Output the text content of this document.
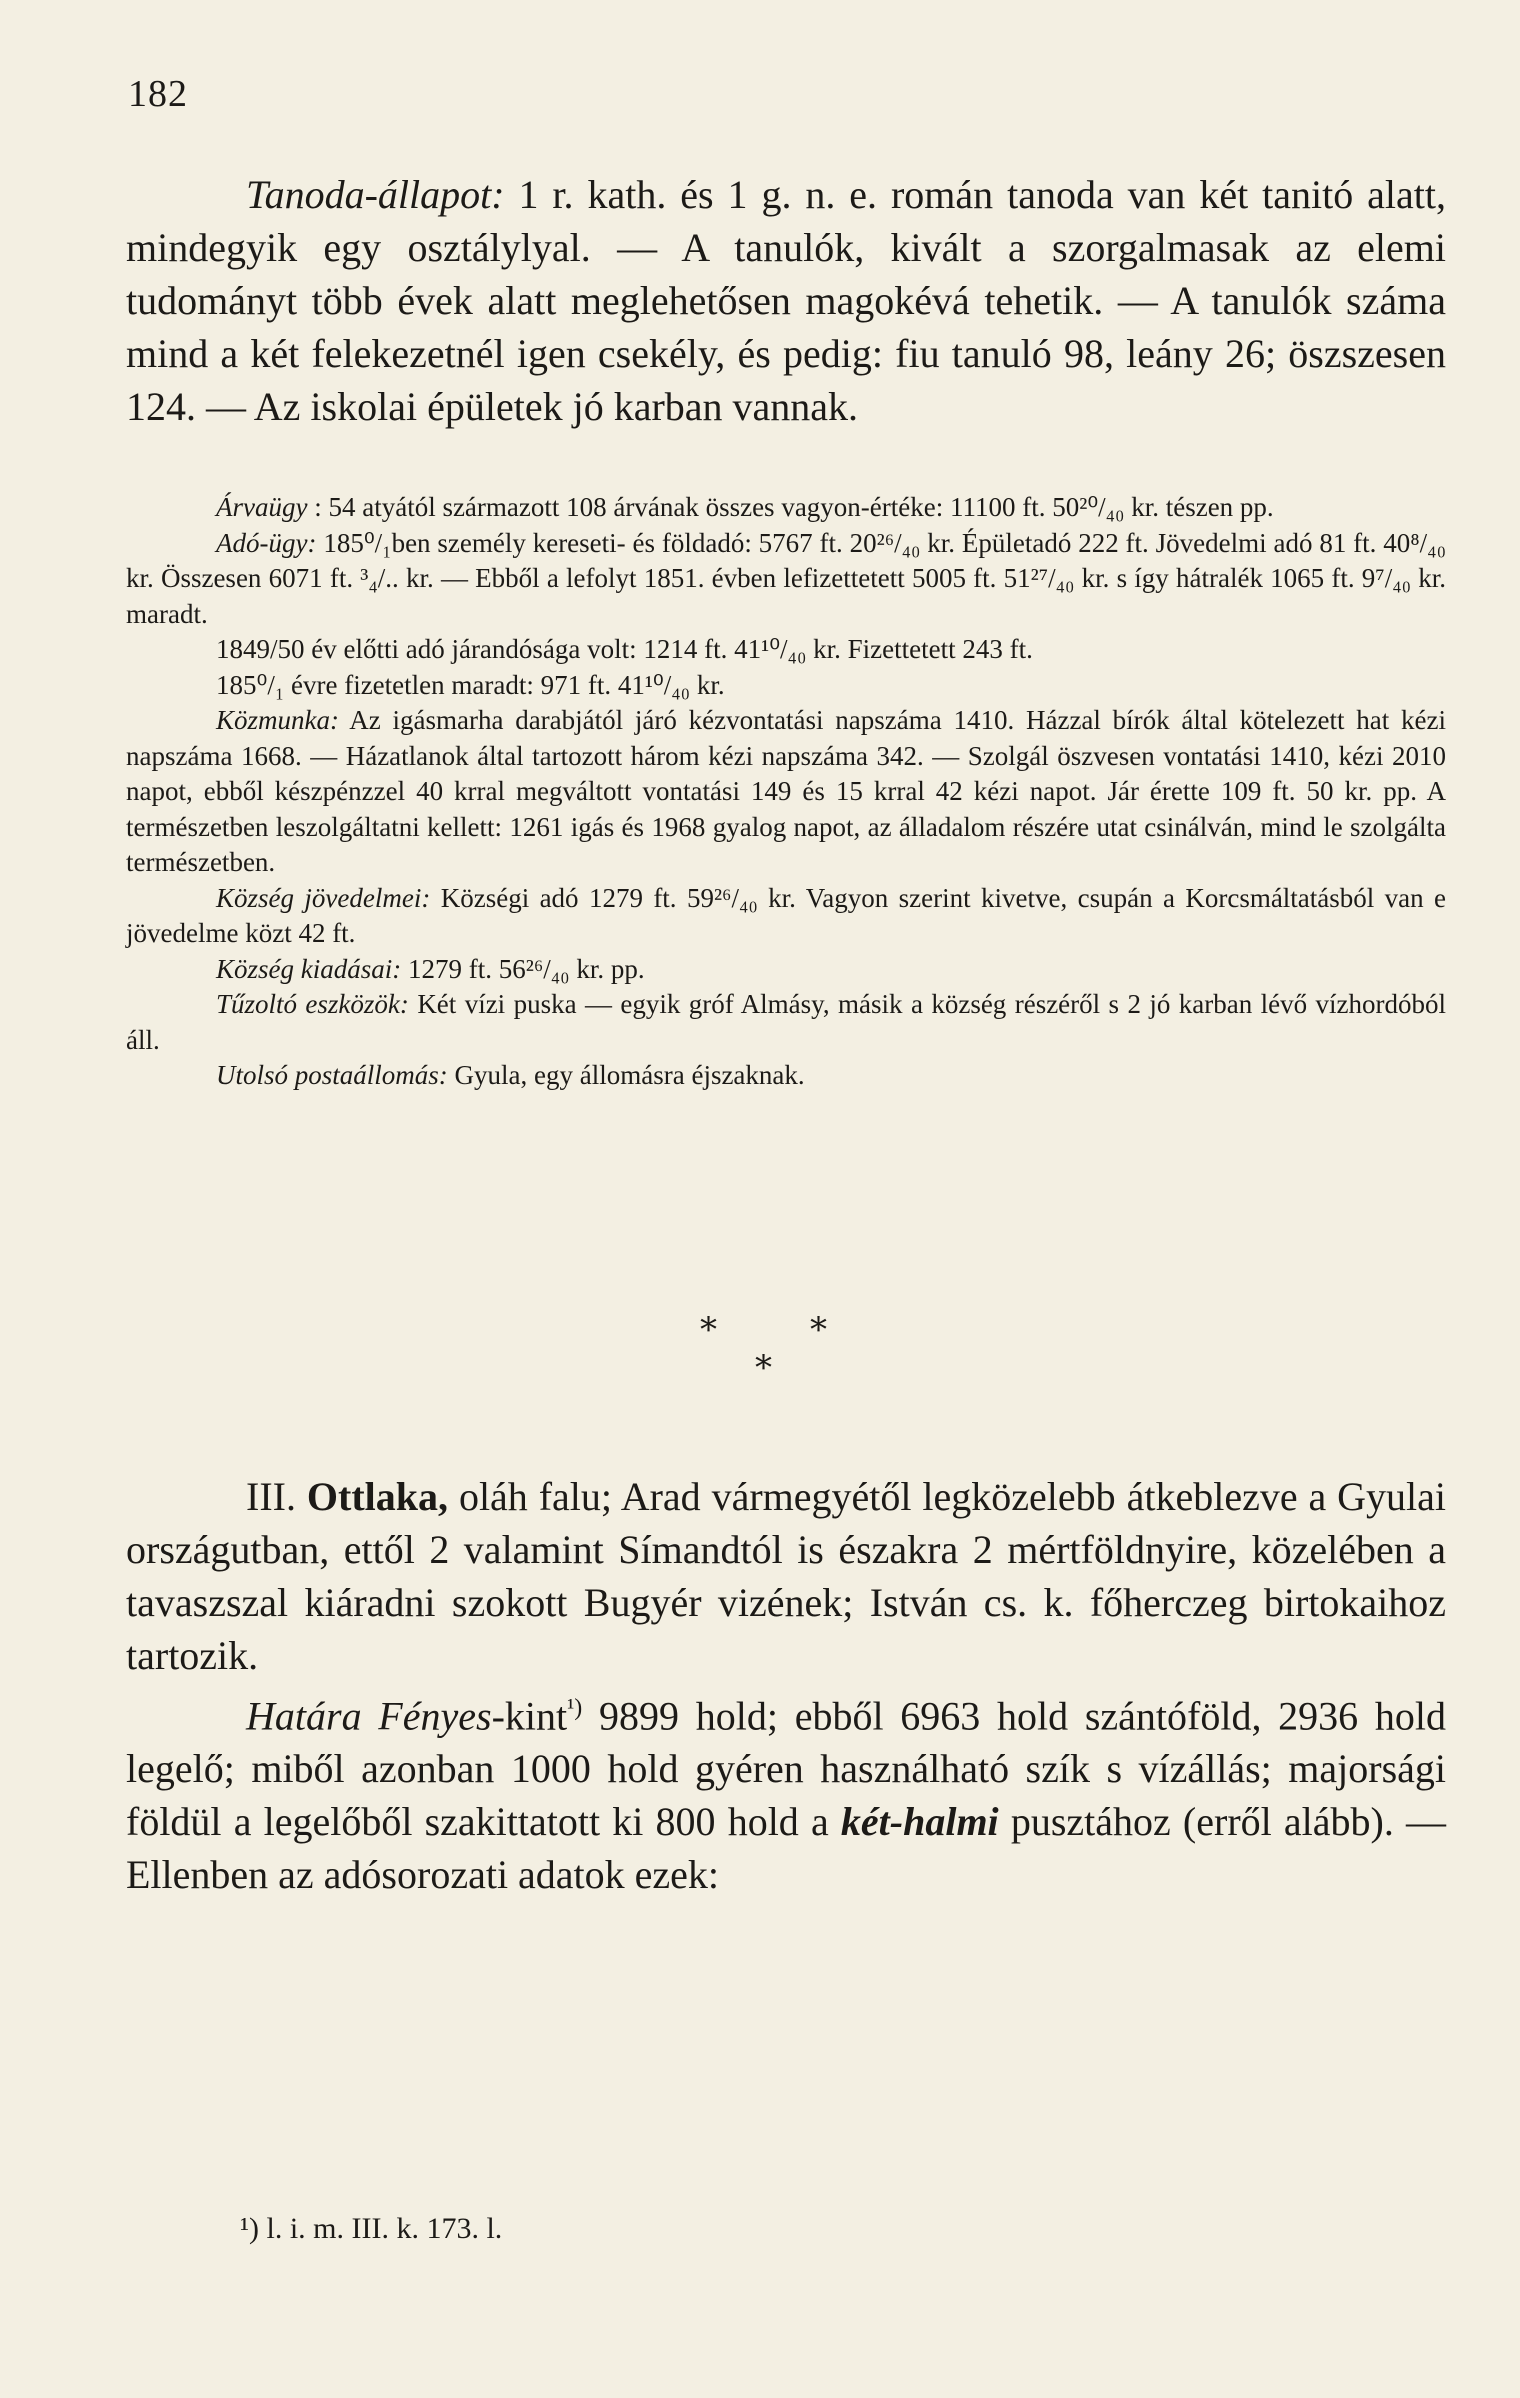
182

Tanoda-állapot: 1 r. kath. és 1 g. n. e. román tanoda van két tanitó alatt, mindegyik egy osztálylyal. — A tanulók, kivált a szorgalmasak az elemi tudományt több évek alatt meglehetősen magokévá tehetik. — A tanulók száma mind a két felekezetnél igen csekély, és pedig: fiu tanuló 98, leány 26; öszszesen 124. — Az iskolai épületek jó karban vannak.

Árvaügy : 54 atyától származott 108 árvának összes vagyon-értéke: 11100 ft. 50²⁰/₄₀ kr. tészen pp.

Adó-ügy: 185⁰/₁ben személy kereseti- és földadó: 5767 ft. 20²⁶/₄₀ kr. Épületadó 222 ft. Jövedelmi adó 81 ft. 40⁸/₄₀ kr. Összesen 6071 ft. ³₄/.. kr. — Ebből a lefolyt 1851. évben lefizettetett 5005 ft. 51²⁷/₄₀ kr. s így hátralék 1065 ft. 9⁷/₄₀ kr. maradt.

1849/50 év előtti adó járandósága volt: 1214 ft. 41¹⁰/₄₀ kr. Fizettetett 243 ft.

185⁰/₁ évre fizetetlen maradt: 971 ft. 41¹⁰/₄₀ kr.

Közmunka: Az igásmarha darabjától járó kézvontatási napszáma 1410. Házzal bírók által kötelezett hat kézi napszáma 1668. — Házatlanok által tartozott három kézi napszáma 342. — Szolgál öszvesen vontatási 1410, kézi 2010 napot, ebből készpénzzel 40 krral megváltott vontatási 149 és 15 krral 42 kézi napot. Jár érette 109 ft. 50 kr. pp. A természetben leszolgáltatni kellett: 1261 igás és 1968 gyalog napot, az álladalom részére utat csinálván, mind le szolgálta természetben.

Község jövedelmei: Községi adó 1279 ft. 59²⁶/₄₀ kr. Vagyon szerint kivetve, csupán a Korcsmáltatásból van e jövedelme közt 42 ft.

Község kiadásai: 1279 ft. 56²⁶/₄₀ kr. pp.

Tűzoltó eszközök: Két vízi puska — egyik gróf Almásy, másik a község részéről s 2 jó karban lévő vízhordóból áll.

Utolsó postaállomás: Gyula, egy állomásra éjszaknak.

*	*
*

III. Ottlaka, oláh falu; Arad vármegyétől legközelebb átkeblezve a Gyulai országutban, ettől 2 valamint Símandtól is északra 2 mértföldnyire, közelében a tavaszszal kiáradni szokott Bugyér vizének; István cs. k. főherczeg birtokaihoz tartozik.

Határa Fényes-kint$^{^1)}$ 9899 hold; ebből 6963 hold szántóföld, 2936 hold legelő; miből azonban 1000 hold gyéren használható szík s vízállás; majorsági földül a legelőből szakittatott ki 800 hold a két-halmi pusztához (erről alább). — Ellenben az adósorozati adatok ezek:

¹) l. i. m. III. k. 173. l.
